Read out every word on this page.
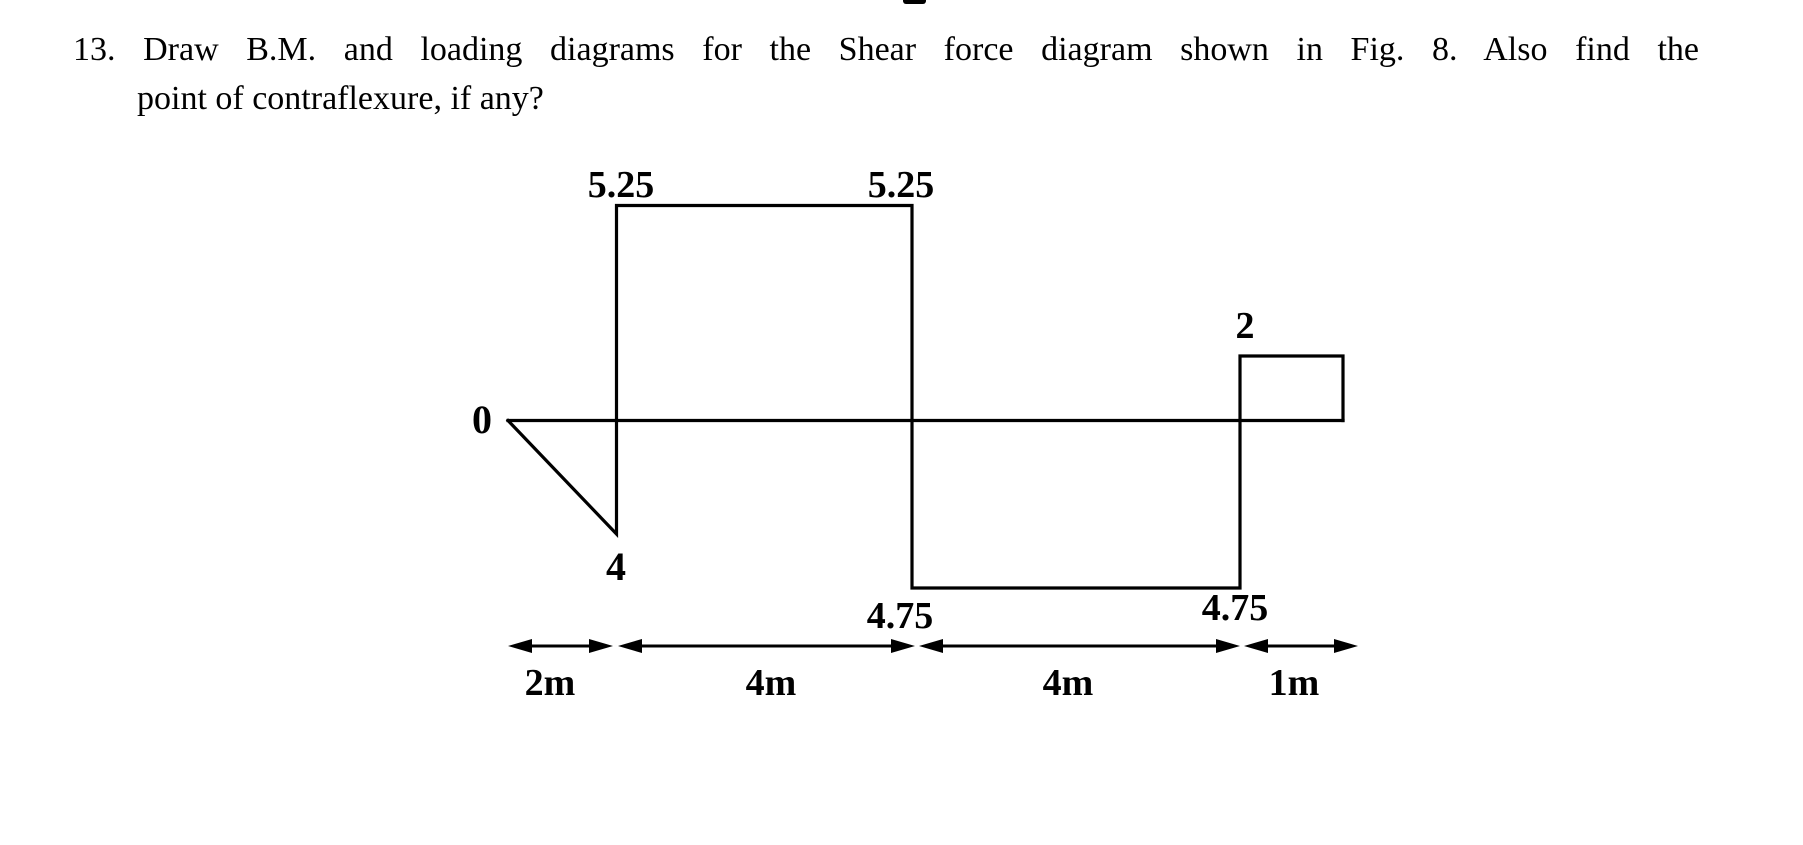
13. Draw B.M. and loading diagrams for the Shear force diagram shown in Fig. 8. Also find the
point of contraflexure, if any?
0
5.25	5.25
4
4.75	4.75
2
2m	4m	4m	1m
